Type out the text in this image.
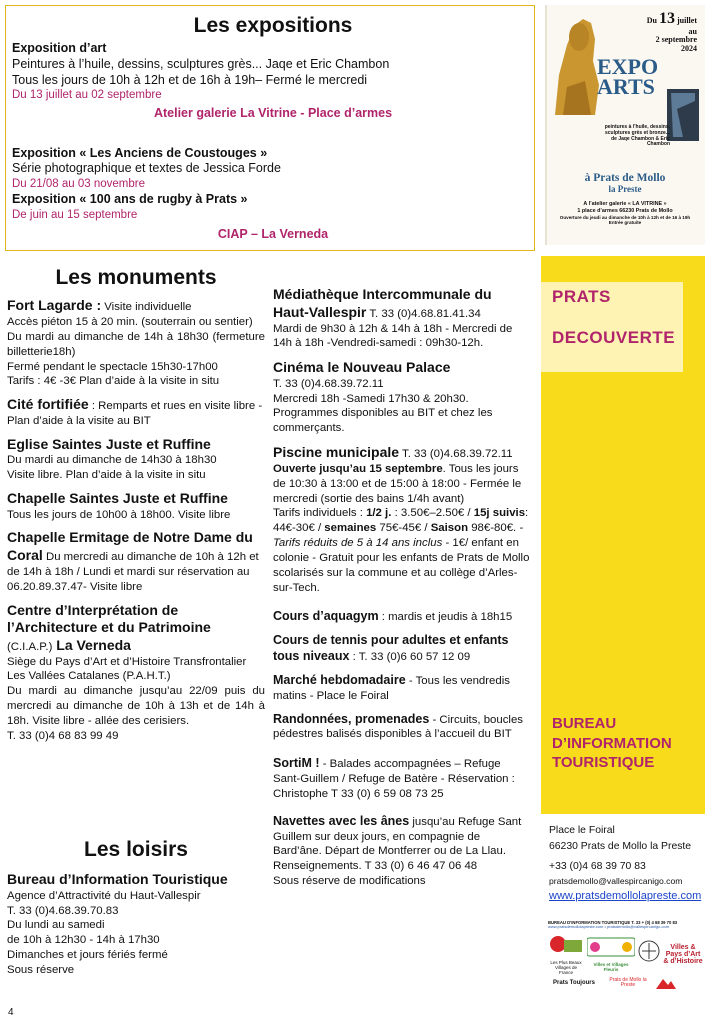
Les expositions
Exposition d’art
Peintures à l’huile, dessins, sculptures grès... Jaqe et Eric Chambon
Tous les jours de 10h à 12h et de 16h à 19h– Fermé le mercredi
Du 13 juillet au 02 septembre
Atelier galerie La Vitrine - Place d’armes
Exposition « Les Anciens de Coustouges »
Série photographique et textes de Jessica Forde
Du 21/08 au 03 novembre
Exposition « 100 ans de rugby à Prats »
De juin au 15 septembre
CIAP – La Verneda
Du 13 juillet
au
2 septembre
2024
EXPO
ARTS
peintures à l’huile, dessins, sculptures grès et bronze... de Jaqe Chambon & Eric Chambon
à Prats de Mollo
la Preste
A l’atelier galerie « LA VITRINE »
1 place d’armes 66230 Prats de Mollo
Ouverture du jeudi au dimanche de 10h à 12h et de 16 à 19h
Entrée gratuite
Les monuments
Fort Lagarde : Visite individuelle
Accès piéton 15 à 20 min. (souterrain ou sentier)
Du mardi au dimanche de 14h à 18h30 (fermeture billetterie18h)
Fermé pendant le spectacle 15h30-17h00
Tarifs : 4€ -3€ Plan d’aide à la visite in situ
Cité fortifiée : Remparts et rues en visite libre - Plan d’aide à la visite au BIT
Eglise Saintes Juste et Ruffine
Du mardi au dimanche de 14h30 à 18h30
Visite libre. Plan d’aide à la visite in situ
Chapelle Saintes Juste et Ruffine
Tous les jours de 10h00 à 18h00. Visite libre
Chapelle Ermitage de Notre Dame du Coral Du mercredi au dimanche de 10h à 12h et de 14h à 18h / Lundi et mardi sur réservation au 06.20.89.37.47- Visite libre
Centre d’Interprétation de l’Architecture et du Patrimoine
(C.I.A.P.) La Verneda
Siège du Pays d’Art et d’Histoire Transfrontalier Les Vallées Catalanes (P.A.H.T.)
Du mardi au dimanche jusqu’au 22/09 puis du mercredi au dimanche de 10h à 13h et de 14h à 18h. Visite libre - allée des cerisiers.
T. 33 (0)4 68 83 99 49
Les loisirs
Bureau d’Information Touristique
Agence d’Attractivité du Haut-Vallespir
T. 33 (0)4.68.39.70.83
Du lundi au samedi
de 10h à 12h30 - 14h à 17h30
Dimanches et jours fériés fermé
Sous réserve
Médiathèque Intercommunale du Haut-Vallespir T. 33 (0)4.68.81.41.34
Mardi de 9h30 à 12h & 14h à 18h - Mercredi de 14h à 18h -Vendredi-samedi : 09h30-12h.
Cinéma le Nouveau Palace
T. 33 (0)4.68.39.72.11
Mercredi 18h -Samedi 17h30 & 20h30. Programmes disponibles au BIT et chez les commerçants.
Piscine municipale T. 33 (0)4.68.39.72.11
Ouverte jusqu’au 15 septembre. Tous les jours de 10:30 à 13:00 et de 15:00 à 18:00 - Fermée le mercredi (sortie des bains 1/4h avant)
Tarifs individuels : 1/2 j. : 3.50€–2.50€ / 15j suivis: 44€-30€ / semaines 75€-45€ / Saison 98€-80€. -Tarifs réduits de 5 à 14 ans inclus - 1€/ enfant en colonie - Gratuit pour les enfants de Prats de Mollo scolarisés sur la commune et au collège d’Arles-sur-Tech.
Cours d’aquagym : mardis et jeudis à 18h15
Cours de tennis pour adultes et enfants tous niveaux : T. 33 (0)6 60 57 12 09
Marché hebdomadaire - Tous les vendredis matins - Place le Foiral
Randonnées, promenades - Circuits, boucles pédestres balisés disponibles à l’accueil du BIT
SortiM ! - Balades accompagnées – Refuge Sant-Guillem / Refuge de Batère - Réservation : Christophe T 33 (0) 6 59 08 73 25
Navettes avec les ânes jusqu’au Refuge Sant Guillem sur deux jours, en compagnie de Bard’âne. Départ de Montferrer ou de La Llau. Renseignements. T 33 (0) 6 46 47 06 48
Sous réserve de modifications
PRATS
DECOUVERTE
BUREAU
D’INFORMATION
TOURISTIQUE
Place le Foiral
66230 Prats de Mollo la Preste
+33 (0)4 68 39 70 83
pratsdemollo@vallespircanigo.com
www.pratsdemollolapreste.com
BUREAU D’INFORMATION TOURISTIQUE T. 33 + (0) 4 68 39 70 83
www.pratsdemollolapreste.com • pratsdemollo@vallespircanigo.com
Les Plus Beaux Villages de France
Villes et Villages Fleuris
Villes & Pays d’Art & d’Histoire
Prats Toujours
Prats de Mollo la Preste
4
